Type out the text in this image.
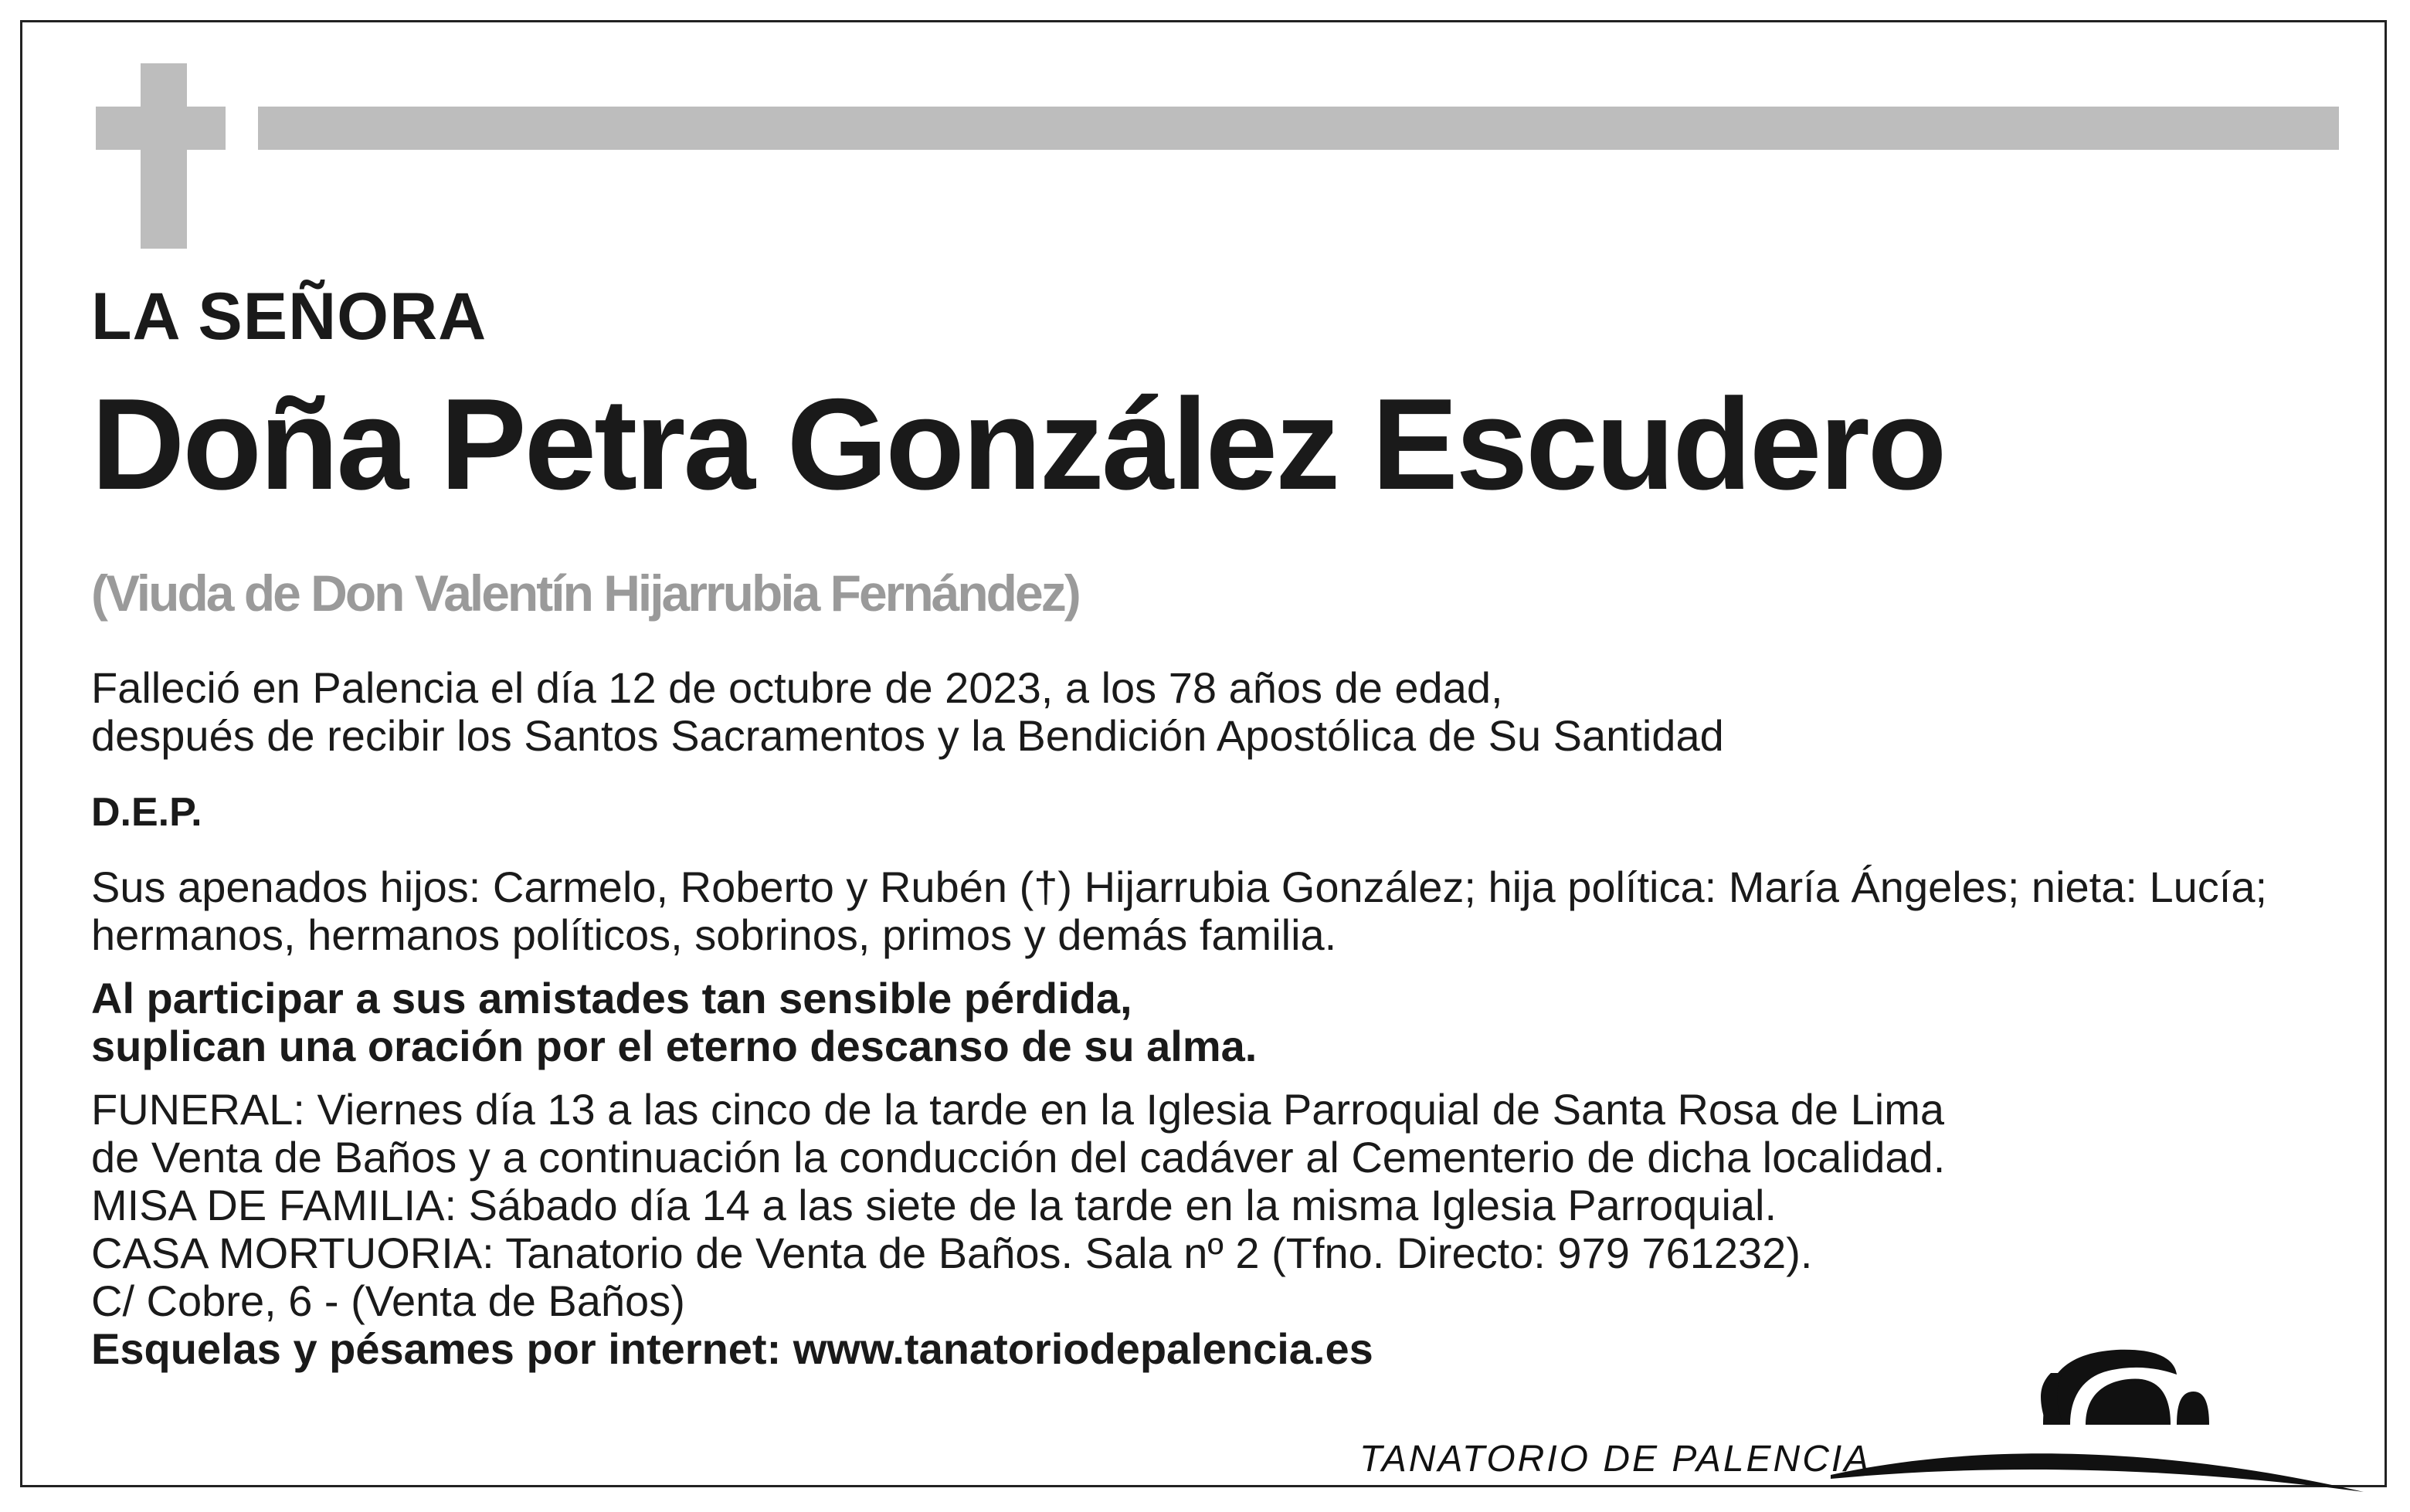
LA SEÑORA
Doña Petra González Escudero
(Viuda de Don Valentín Hijarrubia Fernández)
Falleció en Palencia el día 12 de octubre de 2023, a los 78 años de edad,
después de recibir los Santos Sacramentos y la Bendición Apostólica de Su Santidad
D.E.P.
Sus apenados hijos: Carmelo, Roberto y Rubén (†) Hijarrubia González; hija política: María Ángeles; nieta: Lucía;
hermanos, hermanos políticos, sobrinos, primos y demás familia.
Al participar a sus amistades tan sensible pérdida,
suplican una oración por el eterno descanso de su alma.
FUNERAL: Viernes día 13 a las cinco de la tarde en la Iglesia Parroquial de Santa Rosa de Lima
de Venta de Baños y a continuación la conducción del cadáver al Cementerio de dicha localidad.
MISA DE FAMILIA: Sábado día 14 a las siete de la tarde en la misma Iglesia Parroquial.
CASA MORTUORIA: Tanatorio de Venta de Baños. Sala nº 2 (Tfno. Directo: 979 761232).
C/ Cobre, 6 - (Venta de Baños)
Esquelas y pésames por internet: www.tanatoriodepalencia.es
TANATORIO DE PALENCIA
